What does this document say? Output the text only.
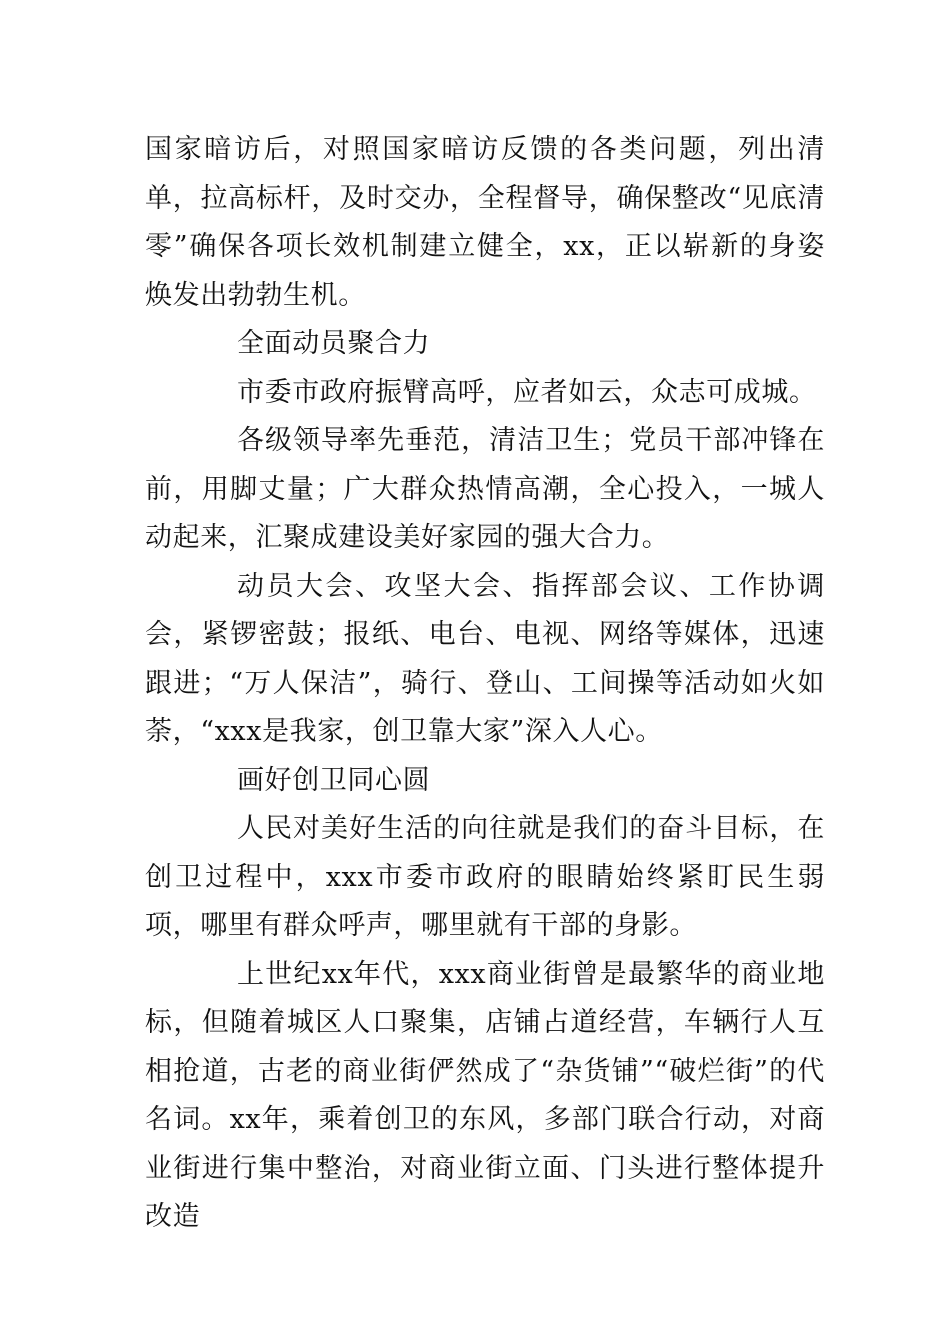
国家暗访后，对照国家暗访反馈的各类问题，列出清单，拉高标杆，及时交办，全程督导，确保整改“见底清零”确保各项长效机制建立健全，xx，正以崭新的身姿焕发出勃勃生机。

全面动员聚合力

市委市政府振臂高呼，应者如云，众志可成城。

各级领导率先垂范，清洁卫生；党员干部冲锋在前，用脚丈量；广大群众热情高潮，全心投入，一城人动起来，汇聚成建设美好家园的强大合力。

动员大会、攻坚大会、指挥部会议、工作协调会，紧锣密鼓；报纸、电台、电视、网络等媒体，迅速跟进；“万人保洁”，骑行、登山、工间操等活动如火如荼，“xxx是我家，创卫靠大家”深入人心。

画好创卫同心圆

人民对美好生活的向往就是我们的奋斗目标，在创卫过程中，xxx市委市政府的眼睛始终紧盯民生弱项，哪里有群众呼声，哪里就有干部的身影。

上世纪xx年代，xxx商业街曾是最繁华的商业地标，但随着城区人口聚集，店铺占道经营，车辆行人互相抢道，古老的商业街俨然成了“杂货铺”“破烂街”的代名词。xx年，乘着创卫的东风，多部门联合行动，对商业街进行集中整治，对商业街立面、门头进行整体提升改造
